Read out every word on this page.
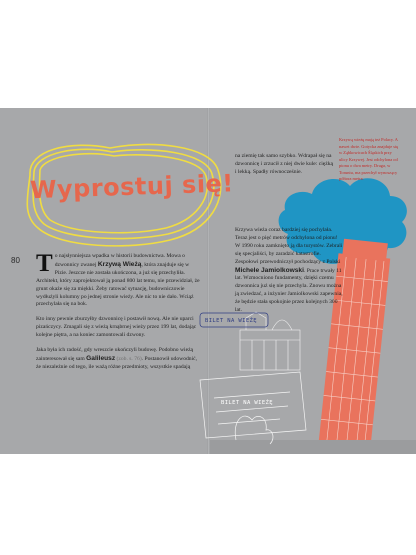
Wyprostuj się!
80 To najsłynniejsza wpadka w historii budownictwa. Mowa o dzwonnicy zwanej Krzywą Wieżą, która znajduje się w Pizie. Jeszcze nie została ukończona, a już się przechyliła. Architekt, który zaprojektował ją ponad 800 lat temu, nie przewidział, że grunt okaże się za miękki. Żeby ratować sytuację, budowniczowie wydłużyli kolumny po jednej stronie wieży. Ale nic to nie dało. Wciąż przechylała się na bok.

Kto inny pewnie zburzyłby dzwonnicę i postawił nową. Ale nie uparci pizańczycy. Zmagali się z wieżą krnąbrnej wieży przez 199 lat, dodając kolejne piętra, a na koniec zamontowali dzwony.

Jaka była ich radość, gdy wreszcie ukończyli budowę. Podobno wieżą zainteresował się sam Galileusz (zob. s. 76). Postanowił udowodnić, że niezależnie od tego, ile ważą różne przedmioty, wszystkie spadają

na ziemię tak samo szybko. Wdrapał się na dzwonnicę i zrzucił z niej dwie kule: ciężką i lekką. Spadły równocześnie.

Krzywa wieża coraz bardziej się pochylała. Teraz jest o pięć metrów odchylona od pionu! W 1990 roku zamknięto ją dla turystów. Zebrali się specjaliści, by zaradzić katastrofie. Zespołowi przewodniczył pochodzący z Polski Michele Jamiolkowski. Prace trwały 11 lat. Wzmocniono fundamenty, dzięki czemu dzwonnica już się nie przechyla. Znowu można ją zwiedzać, a inżynier Jamiolkowski zapewnia, że będzie stała spokojnie przez kolejnych 300 lat.

Krzywą wieżę mają też Polacy. A nawet dwie. Gotycka znajduje się w Ząbkowicach Śląskich przy ulicy Krzywej. Jest odchylona od pionu o dwa metry. Druga, w Toruniu, ma przechył wynoszący półtora metra.

BILET NA WIEŻĘ
BILET NA WIEŻĘ
